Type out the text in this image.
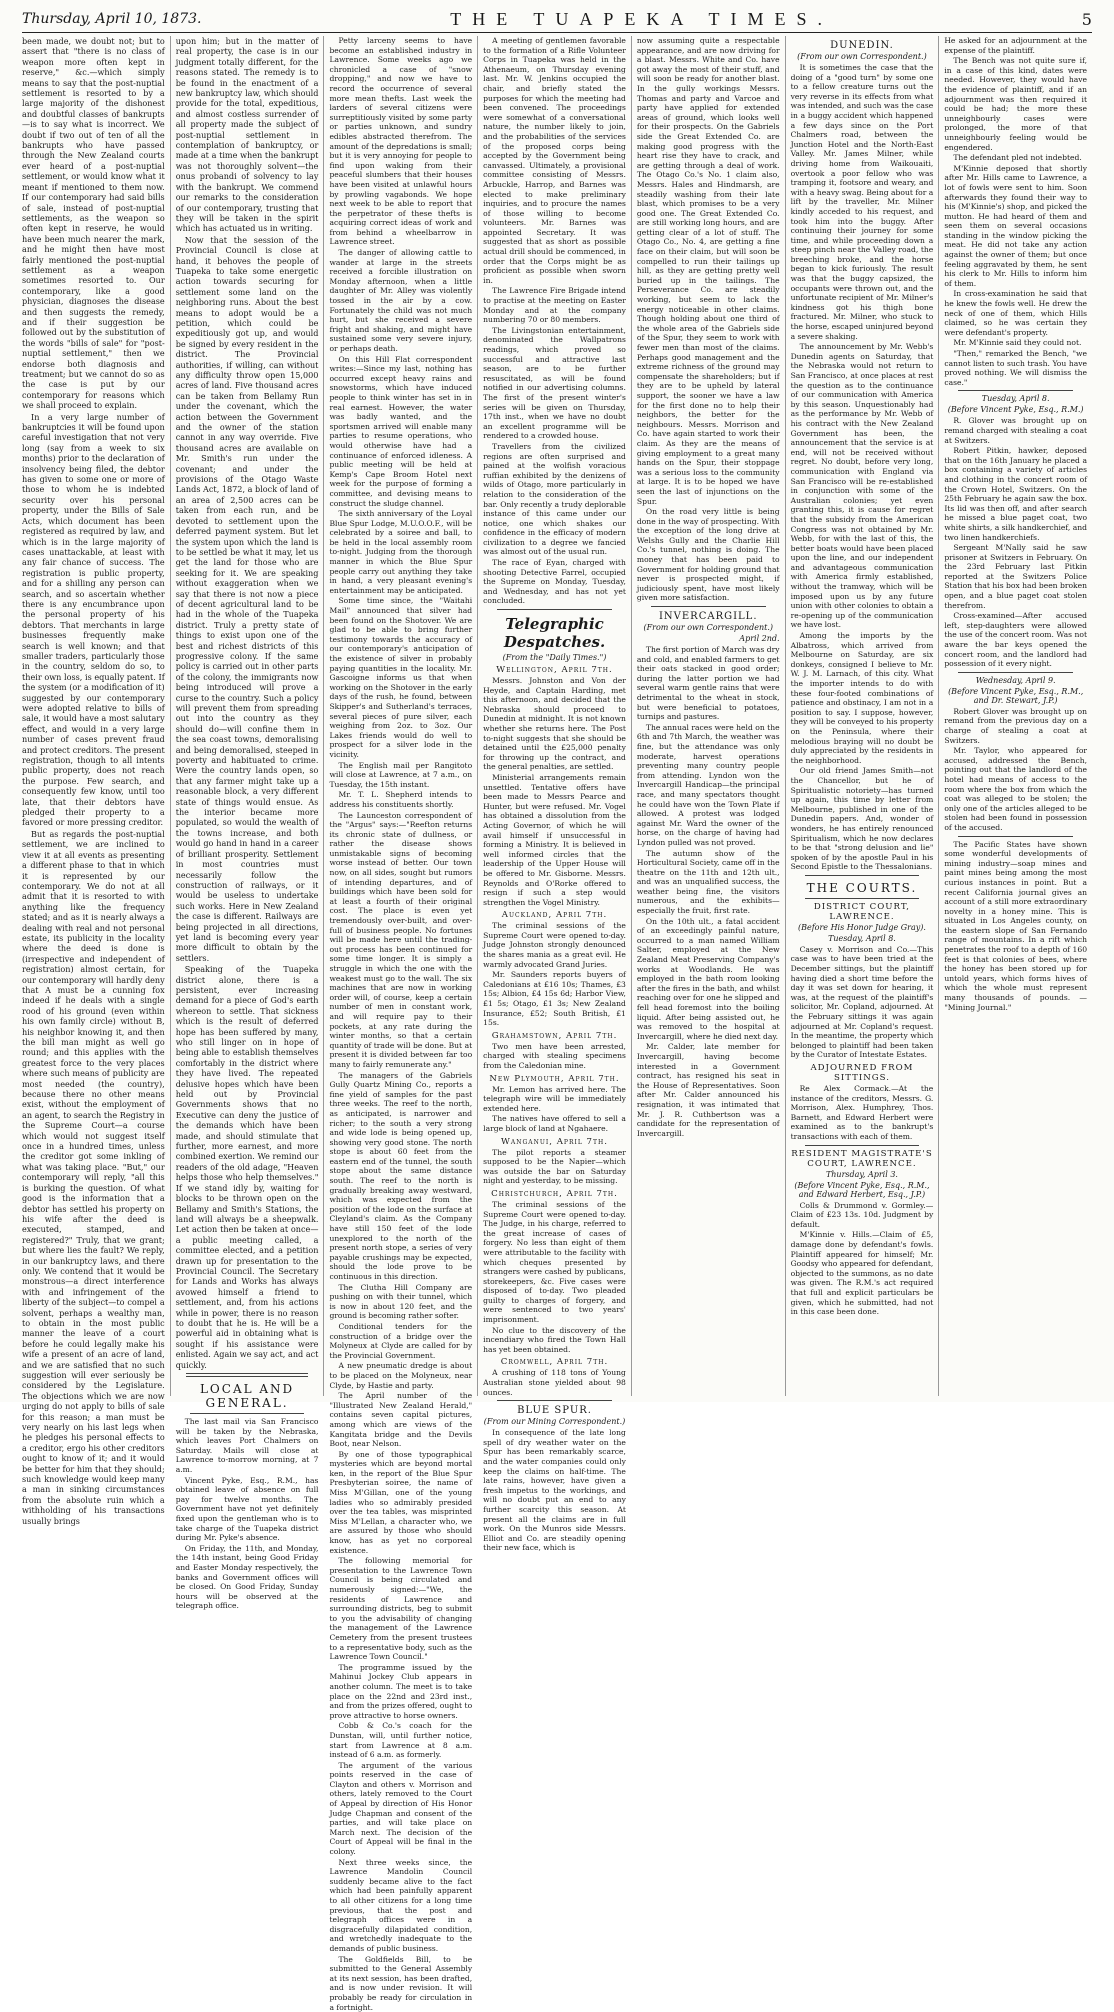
Thursday, April 10, 1873.	THE TUAPEKA TIMES.	5

been made, we doubt not; but to assert that "there is no class of weapon more often kept in reserve," &c.—which simply means to say that the post-nuptial settlement is resorted to by a large majority of the dishonest and doubtful classes of bankrupts—is to say what is incorrect. We doubt if two out of ten of all the bankrupts who have passed through the New Zealand courts ever heard of a post-nuptial settlement, or would know what it meant if mentioned to them now. If our contemporary had said bills of sale, instead of post-nuptial settlements, as the weapon so often kept in reserve, he would have been much nearer the mark, and he might then have most fairly mentioned the post-nuptial settlement as a weapon sometimes resorted to. Our contemporary, like a good physician, diagnoses the disease and then suggests the remedy, and if their suggestion be followed out by the substitution of the words "bills of sale" for "post-nuptial settlement," then we endorse both diagnosis and treatment; but we cannot do so as the case is put by our contemporary for reasons which we shall proceed to explain.

In a very large number of bankruptcies it will be found upon careful investigation that not very long (say from a week to six months) prior to the declaration of insolvency being filed, the debtor has given to some one or more of those to whom he is indebted security over his personal property, under the Bills of Sale Acts, which document has been registered as required by law, and which is in the large majority of cases unattackable, at least with any fair chance of success. The registration is public property, and for a shilling any person can search, and so ascertain whether there is any encumbrance upon the personal property of his debtors. That merchants in large businesses frequently make search is well known; and that smaller traders, particularly those in the country, seldom do so, to their own loss, is equally patent. If the system (or a modification of it) suggested by our contemporary were adopted relative to bills of sale, it would have a most salutary effect, and would in a very large number of cases prevent fraud and protect creditors. The present registration, though to all intents public property, does not reach the purpose. Few search, and consequently few know, until too late, that their debtors have pledged their property to a favored or more pressing creditor.

But as regards the post-nuptial settlement, we are inclined to view it at all events as presenting a different phase to that in which it is represented by our contemporary. We do not at all admit that it is resorted to with anything like the frequency stated; and as it is nearly always a dealing with real and not personal estate, its publicity in the locality where the deed is done is (irrespective and independent of registration) almost certain, for our contemporary will hardly deny that A must be a cunning fox indeed if he deals with a single rood of his ground (even within his own family circle) without B, his neighbor knowing it, and then the bill man might as well go round; and this applies with the greatest force to the very places where such means of publicity are most needed (the country), because there no other means exist, without the employment of an agent, to search the Registry in the Supreme Court—a course which would not suggest itself once in a hundred times, unless the creditor got some inkling of what was taking place. "But," our contemporary will reply, "all this is burking the question. Of what good is the information that a debtor has settled his property on his wife after the deed is executed, stamped, and registered?" Truly, that we grant; but where lies the fault? We reply, in our bankruptcy laws, and there only. We contend that it would be monstrous—a direct interference with and infringement of the liberty of the subject—to compel a solvent, perhaps a wealthy man, to obtain in the most public manner the leave of a court before he could legally make his wife a present of an acre of land, and we are satisfied that no such suggestion will ever seriously be considered by the Legislature. The objections which we are now urging do not apply to bills of sale for this reason; a man must be very nearly on his last legs when he pledges his personal effects to a creditor, ergo his other creditors ought to know of it; and it would be better for him that they should; such knowledge would keep many a man in sinking circumstances from the absolute ruin which a withholding of his transactions usually brings

upon him; but in the matter of real property, the case is in our judgment totally different, for the reasons stated. The remedy is to be found in the enactment of a new bankruptcy law, which should provide for the total, expeditious, and almost costless surrender of all property made the subject of post-nuptial settlement in contemplation of bankruptcy, or made at a time when the bankrupt was not thoroughly solvent—the onus probandi of solvency to lay with the bankrupt. We commend our remarks to the consideration of our contemporary, trusting that they will be taken in the spirit which has actuated us in writing.

Now that the session of the Provincial Council is close at hand, it behoves the people of Tuapeka to take some energetic action towards securing for settlement some land on the neighboring runs. About the best means to adopt would be a petition, which could be expeditiously got up, and would be signed by every resident in the district. The Provincial authorities, if willing, can without any difficulty throw open 15,000 acres of land. Five thousand acres can be taken from Bellamy Run under the covenant, which the action between the Government and the owner of the station cannot in any way override. Five thousand acres are available on Mr. Smith's run under the covenant; and under the provisions of the Otago Waste Lands Act, 1872, a block of land of an area of 2,500 acres can be taken from each run, and be devoted to settlement upon the deferred payment system. But let the system upon which the land is to be settled be what it may, let us get the land for those who are seeking for it. We are speaking without exaggeration when we say that there is not now a piece of decent agricultural land to be had in the whole of the Tuapeka district. Truly a pretty state of things to exist upon one of the best and richest districts of this progressive colony. If the same policy is carried out in other parts of the colony, the immigrants now being introduced will prove a curse to the country. Such a policy will prevent them from spreading out into the country as they should do—will confine them in the sea coast towns, demoralising and being demoralised, steeped in poverty and habituated to crime. Were the country lands open, so that any farmer might take up a reasonable block, a very different state of things would ensue. As the interior became more populated, so would the wealth of the towns increase, and both would go hand in hand in a career of brilliant prosperity. Settlement in most countries must necessarily follow the construction of railways, or it would be useless to undertake such works. Here in New Zealand the case is different. Railways are being projected in all directions, yet land is becoming every year more difficult to obtain by the settlers.

Speaking of the Tuapeka district alone, there is a persistent, ever increasing demand for a piece of God's earth whereon to settle. That sickness which is the result of deferred hope has been suffered by many, who still linger on in hope of being able to establish themselves comfortably in the district where they have lived. The repeated delusive hopes which have been held out by Provincial Governments shows that no Executive can deny the justice of the demands which have been made, and should stimulate that further, more earnest, and more combined exertion. We remind our readers of the old adage, "Heaven helps those who help themselves." If we stand idly by, waiting for blocks to be thrown open on the Bellamy and Smith's Stations, the land will always be a sheepwalk. Let action then be taken at once—a public meeting called, a committee elected, and a petition drawn up for presentation to the Provincial Council. The Secretary for Lands and Works has always avowed himself a friend to settlement, and, from his actions while in power, there is no reason to doubt that he is. He will be a powerful aid in obtaining what is sought if his assistance were enlisted. Again we say act, and act quickly.

LOCAL AND GENERAL.

The last mail via San Francisco will be taken by the Nebraska, which leaves Port Chalmers on Saturday. Mails will close at Lawrence to-morrow morning, at 7 a.m.

Vincent Pyke, Esq., R.M., has obtained leave of absence on full pay for twelve months. The Government have not yet definitely fixed upon the gentleman who is to take charge of the Tuapeka district during Mr. Pyke's absence.

On Friday, the 11th, and Monday, the 14th instant, being Good Friday and Easter Monday respectively, the banks and Government offices will be closed. On Good Friday, Sunday hours will be observed at the telegraph office.

Petty larceny seems to have become an established industry in Lawrence. Some weeks ago we chronicled a case of "snow dropping," and now we have to record the occurrence of several more mean thefts. Last week the larders of several citizens were surreptitiously visited by some party or parties unknown, and sundry edibles abstracted therefrom. The amount of the depredations is small; but it is very annoying for people to find upon waking from their peaceful slumbers that their houses have been visited at unlawful hours by prowling vagabonds. We hope next week to be able to report that the perpetrator of these thefts is acquiring correct ideas of work and from behind a wheelbarrow in Lawrence street.

The danger of allowing cattle to wander at large in the streets received a forcible illustration on Monday afternoon, when a little daughter of Mr. Alley was violently tossed in the air by a cow. Fortunately the child was not much hurt, but she received a severe fright and shaking, and might have sustained some very severe injury, or perhaps death.

On this Hill Flat correspondent writes:—Since my last, nothing has occurred except heavy rains and snowstorms, which have induced people to think winter has set in in real earnest. However, the water was badly wanted, and the sportsmen arrived will enable many parties to resume operations, who would otherwise have had a continuance of enforced idleness. A public meeting will be held at Kemp's Cape Broom Hotel next week for the purpose of forming a committee, and devising means to construct the sludge channel.

The sixth anniversary of the Loyal Blue Spur Lodge, M.U.O.O.F., will be celebrated by a soiree and ball, to be held in the local assembly room to-night. Judging from the thorough manner in which the Blue Spur people carry out anything they take in hand, a very pleasant evening's entertainment may be anticipated.

Some time since, the "Waitahi Mail" announced that silver had been found on the Shotover. We are glad to be able to bring further testimony towards the accuracy of our contemporary's anticipation of the existence of silver in probably paying quantities in the locality. Mr. Gascoigne informs us that when working on the Shotover in the early days of the rush, he found, between Skipper's and Sutherland's terraces, several pieces of pure silver, each weighing from 2oz. to 3oz. Our Lakes friends would do well to prospect for a silver lode in the vicinity.

The English mail per Rangitoto will close at Lawrence, at 7 a.m., on Tuesday, the 15th instant.

Mr. T. L. Shepherd intends to address his constituents shortly.

The Launceston correspondent of the "Argus" says:—"Reefton returns its chronic state of dullness, or rather the disease shows unmistakable signs of becoming worse instead of better. Our town now, on all sides, sought but rumors of intending departures, and of buildings which have been sold for at least a fourth of their original cost. The place is even yet tremendously over-built, and over-full of business people. No fortunes will be made here until the trading-out process has been continued for some time longer. It is simply a struggle in which the one with the weakest must go to the wall. The six machines that are now in working order will, of course, keep a certain number of men in constant work, and will require pay to their pockets, at any rate during the winter months, so that a certain quantity of trade will be done. But at present it is divided between far too many to fairly remunerate any."

The managers of the Gabriels Gully Quartz Mining Co., reports a fine yield of samples for the past three weeks. The reef to the north, as anticipated, is narrower and richer; to the south a very strong and wide lode is being opened up, showing very good stone. The north stope is about 60 feet from the eastern end of the tunnel, the south stope about the same distance south. The reef to the north is gradually breaking away westward, which was expected from the position of the lode on the surface at Cleyland's claim. As the Company have still 150 feet of the lode unexplored to the north of the present north stope, a series of very payable crushings may be expected, should the lode prove to be continuous in this direction.

The Clutha Hill Company are pushing on with their tunnel, which is now in about 120 feet, and the ground is becoming rather softer.

Conditional tenders for the construction of a bridge over the Molyneux at Clyde are called for by the Provincial Government.

A new pneumatic dredge is about to be placed on the Molyneux, near Clyde, by Hastie and party.

The April number of the "Illustrated New Zealand Herald," contains seven capital pictures, among which are views of the Kangitata bridge and the Devils Boot, near Nelson.

By one of those typographical mysteries which are beyond mortal ken, in the report of the Blue Spur Presbyterian soiree, the name of Miss M'Gillan, one of the young ladies who so admirably presided over the tea tables, was misprinted Miss M'Lellan, a character who, we are assured by those who should know, has as yet no corporeal existence.

The following memorial for presentation to the Lawrence Town Council is being circulated and numerously signed:—"We, the residents of Lawrence and surrounding districts, beg to submit to you the advisability of changing the management of the Lawrence Cemetery from the present trustees to a representative body, such as the Lawrence Town Council."

The programme issued by the Mahinui Jockey Club appears in another column. The meet is to take place on the 22nd and 23rd inst., and from the prizes offered, ought to prove attractive to horse owners.

Cobb & Co.'s coach for the Dunstan, will, until further notice, start from Lawrence at 8 a.m. instead of 6 a.m. as formerly.

The argument of the various points reserved in the case of Clayton and others v. Morrison and others, lately removed to the Court of Appeal by direction of His Honor Judge Chapman and consent of the parties, and will take place on March next. The decision of the Court of Appeal will be final in the colony.

Next three weeks since, the Lawrence Mandolin Council suddenly became alive to the fact which had been painfully apparent to all other citizens for a long time previous, that the post and telegraph offices were in a disgracefully dilapidated condition, and wretchedly inadequate to the demands of public business.

The Goldfields Bill, to be submitted to the General Assembly at its next session, has been drafted, and is now under revision. It will probably be ready for circulation in a fortnight.

A meeting of gentlemen favorable to the formation of a Rifle Volunteer Corps in Tuapeka was held in the Athenaeum, on Thursday evening last. Mr. W. Jenkins occupied the chair, and briefly stated the purposes for which the meeting had been convened. The proceedings were somewhat of a conversational nature, the number likely to join, and the probabilities of the services of the proposed corps being accepted by the Government being canvassed. Ultimately, a provisional committee consisting of Messrs. Arbuckle, Harrop, and Barnes was elected to make preliminary inquiries, and to procure the names of those willing to become volunteers. Mr. Barnes was appointed Secretary. It was suggested that as short as possible actual drill should be commenced, in order that the Corps might be as proficient as possible when sworn in.

The Lawrence Fire Brigade intend to practise at the meeting on Easter Monday and at the company numbering 70 or 80 members.

The Livingstonian entertainment, denominated the Wallpatrons readings, which proved so successful and attractive last season, are to be further resuscitated, as will be found notified in our advertising columns. The first of the present winter's series will be given on Thursday, 17th inst., when we have no doubt an excellent programme will be rendered to a crowded house.

Travellers from the civilized regions are often surprised and pained at the wolfish voracious ruffian exhibited by the denizens of wilds of Otago, more particularly in relation to the consideration of the bar. Only recently a trudy deplorable instance of this came under our notice, one which shakes our confidence in the efficacy of modern civilization to a degree we fancied was almost out of the usual run.

The race of Eyan, charged with shooting Detective Farrel, occupied the Supreme on Monday, Tuesday, and Wednesday, and has not yet concluded.

Telegraphic Despatches.
(From the "Daily Times.")
Wellington, April 7th.

Messrs. Johnston and Von der Heyde, and Captain Harding, met this afternoon, and decided that the Nebraska should proceed to Dunedin at midnight. It is not known whether she returns here. The Post to-night suggests that she should be detained until the £25,000 penalty for throwing up the contract, and the general penalties, are settled.

Ministerial arrangements remain unsettled. Tentative offers have been made to Messrs Pearce and Hunter, but were refused. Mr. Vogel has obtained a dissolution from the Acting Governor, of which he will avail himself if unsuccessful in forming a Ministry. It is believed in well informed circles that the leadership of the Upper House will be offered to Mr. Gisborne. Messrs. Reynolds and O'Rorke offered to resign if such a step would strengthen the Vogel Ministry.

Auckland, April 7th.

The criminal sessions of the Supreme Court were opened to-day. Judge Johnston strongly denounced the shares mania as a great evil. He warmly advocated Grand Juries.

Mr. Saunders reports buyers of Caledonians at £16 10s; Thames, £3 15s; Albion, £4 15s 6d; Harbor View, £1 5s; Otago, £1 3s; New Zealand Insurance, £52; South British, £1 15s.

Grahamstown, April 7th.

Two men have been arrested, charged with stealing specimens from the Caledonian mine.

New Plymouth, April 7th.

Mr. Lemon has arrived here. The telegraph wire will be immediately extended here.

The natives have offered to sell a large block of land at Ngahaere.

Wanganui, April 7th.

The pilot reports a steamer supposed to be the Napier—which was outside the bar on Saturday night and yesterday, to be missing.

Christchurch, April 7th.

The criminal sessions of the Supreme Court were opened to-day. The Judge, in his charge, referred to the great increase of cases of forgery. No less than eight of them were attributable to the facility with which cheques presented by strangers were cashed by publicans, storekeepers, &c. Five cases were disposed of to-day. Two pleaded guilty to charges of forgery, and were sentenced to two years' imprisonment.

No clue to the discovery of the incendiary who fired the Town Hall has yet been obtained.

Cromwell, April 7th.

A crushing of 118 tons of Young Australian stone yielded about 98 ounces.

BLUE SPUR.
(From our Mining Correspondent.)

In consequence of the late long spell of dry weather water on the Spur has been remarkably scarce, and the water companies could only keep the claims on half-time. The late rains, however, have given a fresh impetus to the workings, and will no doubt put an end to any further scarcity this season. At present all the claims are in full work. On the Munros side Messrs. Elliot and Co. are steadily opening their new face, which is

now assuming quite a respectable appearance, and are now driving for a blast. Messrs. White and Co. have got away the most of their stuff, and will soon be ready for another blast. In the gully workings Messrs. Thomas and party and Varcoe and party have applied for extended areas of ground, which looks well for their prospects. On the Gabriels side the Great Extended Co. are making good progress with the heart rise they have to crack, and are getting through a deal of work. The Otago Co.'s No. 1 claim also, Messrs. Hales and Hindmarsh, are steadily washing from their late blast, which promises to be a very good one. The Great Extended Co. are still working long hours, and are getting clear of a lot of stuff. The Otago Co., No. 4, are getting a fine face on their claim, but will soon be compelled to run their tailings up hill, as they are getting pretty well buried up in the tailings. The Perseverance Co. are steadily working, but seem to lack the energy noticeable in other claims. Though holding about one third of the whole area of the Gabriels side of the Spur, they seem to work with fewer men than most of the claims. Perhaps good management and the extreme richness of the ground may compensate the shareholders; but if they are to be upheld by lateral support, the sooner we have a law for the first done no to help their neighbors, the better for the neighbours. Messrs. Morrison and Co. have again started to work their claim. As they are the means of giving employment to a great many hands on the Spur, their stoppage was a serious loss to the community at large. It is to be hoped we have seen the last of injunctions on the Spur.

On the road very little is being done in the way of prospecting. With the exception of the long drive at Welshs Gully and the Charlie Hill Co.'s tunnel, nothing is doing. The money that has been paid to Government for holding ground that never is prospected might, if judiciously spent, have most likely given more satisfaction.

INVERCARGILL.
(From our own Correspondent.)
April 2nd.

The first portion of March was dry and cold, and enabled farmers to get their oats stacked in good order; during the latter portion we had several warm gentle rains that were detrimental to the wheat in stock, but were beneficial to potatoes, turnips and pastures.

The annual races were held on the 6th and 7th March, the weather was fine, but the attendance was only moderate, harvest operations preventing many country people from attending. Lyndon won the Invercargill Handicap—the principal race, and many spectators thought he could have won the Town Plate if allowed. A protest was lodged against Mr. Ward the owner of the horse, on the charge of having had Lyndon pulled was not proved.

The autumn show of the Horticultural Society, came off in the theatre on the 11th and 12th ult., and was an unqualified success, the weather being fine, the visitors numerous, and the exhibits—especially the fruit, first rate.

On the 10th ult., a fatal accident of an exceedingly painful nature, occurred to a man named William Salter, employed at the New Zealand Meat Preserving Company's works at Woodlands. He was employed in the bath room looking after the fires in the bath, and whilst reaching over for one he slipped and fell head foremost into the boiling liquid. After being assisted out, he was removed to the hospital at Invercargill, where he died next day.

Mr. Calder, late member for Invercargill, having become interested in a Government contract, has resigned his seat in the House of Representatives. Soon after Mr. Calder announced his resignation, it was intimated that Mr. J. R. Cuthbertson was a candidate for the representation of Invercargill.

DUNEDIN.
(From our own Correspondent.)

It is sometimes the case that the doing of a "good turn" by some one to a fellow creature turns out the very reverse in its effects from what was intended, and such was the case in a buggy accident which happened a few days since on the Port Chalmers road, between the Junction Hotel and the North-East Valley. Mr. James Milner, while driving home from Waikouaiti, overtook a poor fellow who was tramping it, footsore and weary, and with a heavy swag. Being about for a lift by the traveller, Mr. Milner kindly acceded to his request, and took him into the buggy. After continuing their journey for some time, and while proceeding down a steep pinch near the Valley road, the breeching broke, and the horse began to kick furiously. The result was that the buggy capsized, the occupants were thrown out, and the unfortunate recipient of Mr. Milner's kindness got his thigh bone fractured. Mr. Milner, who stuck to the horse, escaped uninjured beyond a severe shaking.

The announcement by Mr. Webb's Dunedin agents on Saturday, that the Nebraska would not return to San Francisco, at once places at rest the question as to the continuance of our communication with America by this season. Unquestionably had as the performance by Mr. Webb of his contract with the New Zealand Government has been, the announcement that the service is at end, will not be received without regret. No doubt, before very long, communication with England via San Francisco will be re-established in conjunction with some of the Australian colonies; yet even granting this, it is cause for regret that the subsidy from the American Congress was not obtained by Mr. Webb, for with the last of this, the better boats would have been placed upon the line, and our independent and advantageous communication with America firmly established, without the tramway, which will be imposed upon us by any future union with other colonies to obtain a re-opening up of the communication we have lost.

Among the imports by the Albatross, which arrived from Melbourne on Saturday, are six donkeys, consigned I believe to Mr. W. J. M. Larnach, of this city. What the importer intends to do with these four-footed combinations of patience and obstinacy, I am not in a position to say. I suppose, however, they will be conveyed to his property on the Peninsula, where their melodious braying will no doubt be duly appreciated by the residents in the neighborhood.

Our old friend James Smith—not the Chancellor, but he of Spiritualistic notoriety—has turned up again, this time by letter from Melbourne, published in one of the Dunedin papers. And, wonder of wonders, he has entirely renounced Spiritualism, which he now declares to be that "strong delusion and lie" spoken of by the apostle Paul in his Second Epistle to the Thessalonians.

THE COURTS.
DISTRICT COURT, LAWRENCE.
(Before His Honor Judge Gray).
Tuesday, April 8.

Casey v. Morrison and Co.—This case was to have been tried at the December sittings, but the plaintiff having died a short time before the day it was set down for hearing, it was, at the request of the plaintiff's solicitor, Mr. Copland, adjourned. At the February sittings it was again adjourned at Mr. Copland's request. In the meantime, the property which belonged to plaintiff had been taken by the Curator of Intestate Estates.

ADJOURNED FROM SITTINGS.

Re Alex Cormack.—At the instance of the creditors, Messrs. G. Morrison, Alex. Humphrey, Thos. Barnett, and Edward Herbert were examined as to the bankrupt's transactions with each of them.

RESIDENT MAGISTRATE'S COURT, LAWRENCE.
Thursday, April 3.
(Before Vincent Pyke, Esq., R.M., and Edward Herbert, Esq., J.P.)

Colls & Drummond v. Gormley.—Claim of £23 13s. 10d. Judgment by default.

M'Kinnie v. Hills.—Claim of £5, damage done by defendant's fowls. Plaintiff appeared for himself; Mr. Goodsy who appeared for defendant, objected to the summons, as no date was given. The R.M.'s act required that full and explicit particulars be given, which he submitted, had not in this case been done.

He asked for an adjournment at the expense of the plaintiff.

The Bench was not quite sure if, in a case of this kind, dates were needed. However, they would have the evidence of plaintiff, and if an adjournment was then required it could be had; the more these unneighbourly cases were prolonged, the more of that unneighbourly feeling would be engendered.

The defendant pled not indebted.

M'Kinnie deposed that shortly after Mr. Hills came to Lawrence, a lot of fowls were sent to him. Soon afterwards they found their way to his (M'Kinnie's) shop, and picked the mutton. He had heard of them and seen them on several occasions standing in the window picking the meat. He did not take any action against the owner of them; but once feeling aggravated by them, he sent his clerk to Mr. Hills to inform him of them.

In cross-examination he said that he knew the fowls well. He drew the neck of one of them, which Hills claimed, so he was certain they were defendant's property.

Mr. M'Kinnie said they could not.

"Then," remarked the Bench, "we cannot listen to such trash. You have proved nothing. We will dismiss the case."

Tuesday, April 8.
(Before Vincent Pyke, Esq., R.M.)

R. Glover was brought up on remand charged with stealing a coat at Switzers.

Robert Pitkin, hawker, deposed that on the 16th January he placed a box containing a variety of articles and clothing in the concert room of the Crown Hotel, Switzers. On the 25th February he again saw the box. Its lid was then off, and after search he missed a blue paget coat, two white shirts, a silk handkerchief, and two linen handkerchiefs.

Sergeant M'Nally said he saw prisoner at Switzers in February. On the 23rd February last Pitkin reported at the Switzers Police Station that his box had been broken open, and a blue paget coat stolen therefrom.

Cross-examined—After accused left, step-daughters were allowed the use of the concert room. Was not aware the bar keys opened the concert room, and the landlord had possession of it every night.

Wednesday, April 9.
(Before Vincent Pyke, Esq., R.M., and Dr. Stewart, J.P.)

Robert Glover was brought up on remand from the previous day on a charge of stealing a coat at Switzers.

Mr. Taylor, who appeared for accused, addressed the Bench, pointing out that the landlord of the hotel had means of access to the room where the box from which the coat was alleged to be stolen; the only one of the articles alleged to be stolen had been found in possession of the accused.

The Pacific States have shown some wonderful developments of mining industry—soap mines and paint mines being among the most curious instances in point. But a recent California journal gives an account of a still more extraordinary novelty in a honey mine. This is situated in Los Angeles county, on the eastern slope of San Fernando range of mountains. In a rift which penetrates the roof to a depth of 160 feet is that colonies of bees, where the honey has been stored up for untold years, which forms hives of which the whole must represent many thousands of pounds. — "Mining Journal."
